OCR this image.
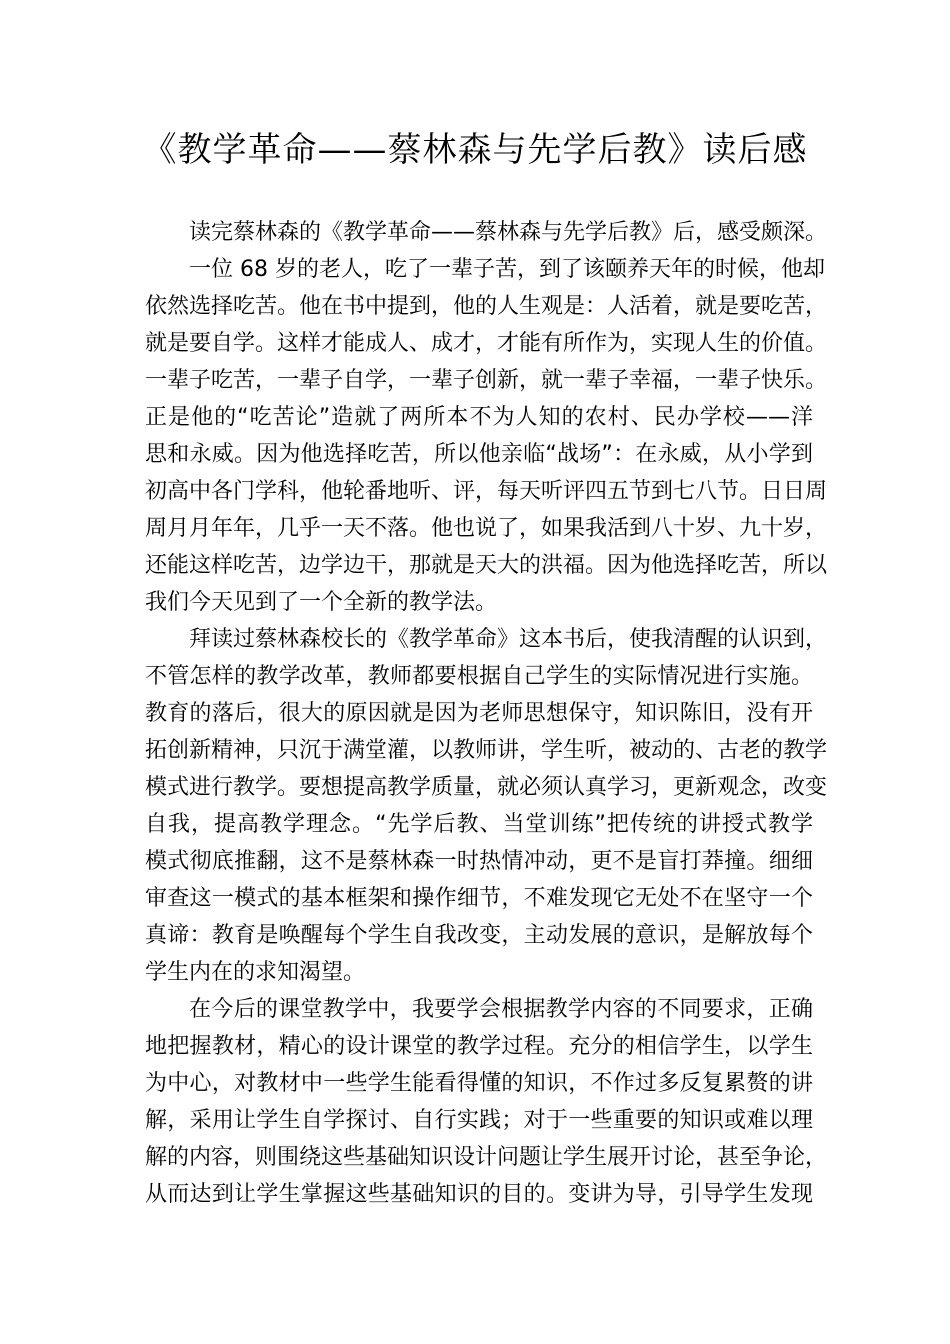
《教学革命——蔡林森与先学后教》读后感
读完蔡林森的《教学革命——蔡林森与先学后教》后，感受颇深。
一位 68 岁的老人，吃了一辈子苦，到了该颐养天年的时候，他却
依然选择吃苦。他在书中提到，他的人生观是：人活着，就是要吃苦，
就是要自学。这样才能成人、成才，才能有所作为，实现人生的价值。
一辈子吃苦，一辈子自学，一辈子创新，就一辈子幸福，一辈子快乐。
正是他的“吃苦论”造就了两所本不为人知的农村、民办学校——洋
思和永威。因为他选择吃苦，所以他亲临“战场”：在永威，从小学到
初高中各门学科，他轮番地听、评，每天听评四五节到七八节。日日周
周月月年年，几乎一天不落。他也说了，如果我活到八十岁、九十岁，
还能这样吃苦，边学边干，那就是天大的洪福。因为他选择吃苦，所以
我们今天见到了一个全新的教学法。
拜读过蔡林森校长的《教学革命》这本书后，使我清醒的认识到，
不管怎样的教学改革，教师都要根据自己学生的实际情况进行实施。
教育的落后，很大的原因就是因为老师思想保守，知识陈旧，没有开
拓创新精神，只沉于满堂灌，以教师讲，学生听，被动的、古老的教学
模式进行教学。要想提高教学质量，就必须认真学习，更新观念，改变
自我，提高教学理念。“先学后教、当堂训练”把传统的讲授式教学
模式彻底推翻，这不是蔡林森一时热情冲动，更不是盲打莽撞。细细
审查这一模式的基本框架和操作细节，不难发现它无处不在坚守一个
真谛：教育是唤醒每个学生自我改变，主动发展的意识，是解放每个
学生内在的求知渴望。
在今后的课堂教学中，我要学会根据教学内容的不同要求，正确
地把握教材，精心的设计课堂的教学过程。充分的相信学生，以学生
为中心，对教材中一些学生能看得懂的知识，不作过多反复累赘的讲
解，采用让学生自学探讨、自行实践；对于一些重要的知识或难以理
解的内容，则围绕这些基础知识设计问题让学生展开讨论，甚至争论，
从而达到让学生掌握这些基础知识的目的。变讲为导，引导学生发现
